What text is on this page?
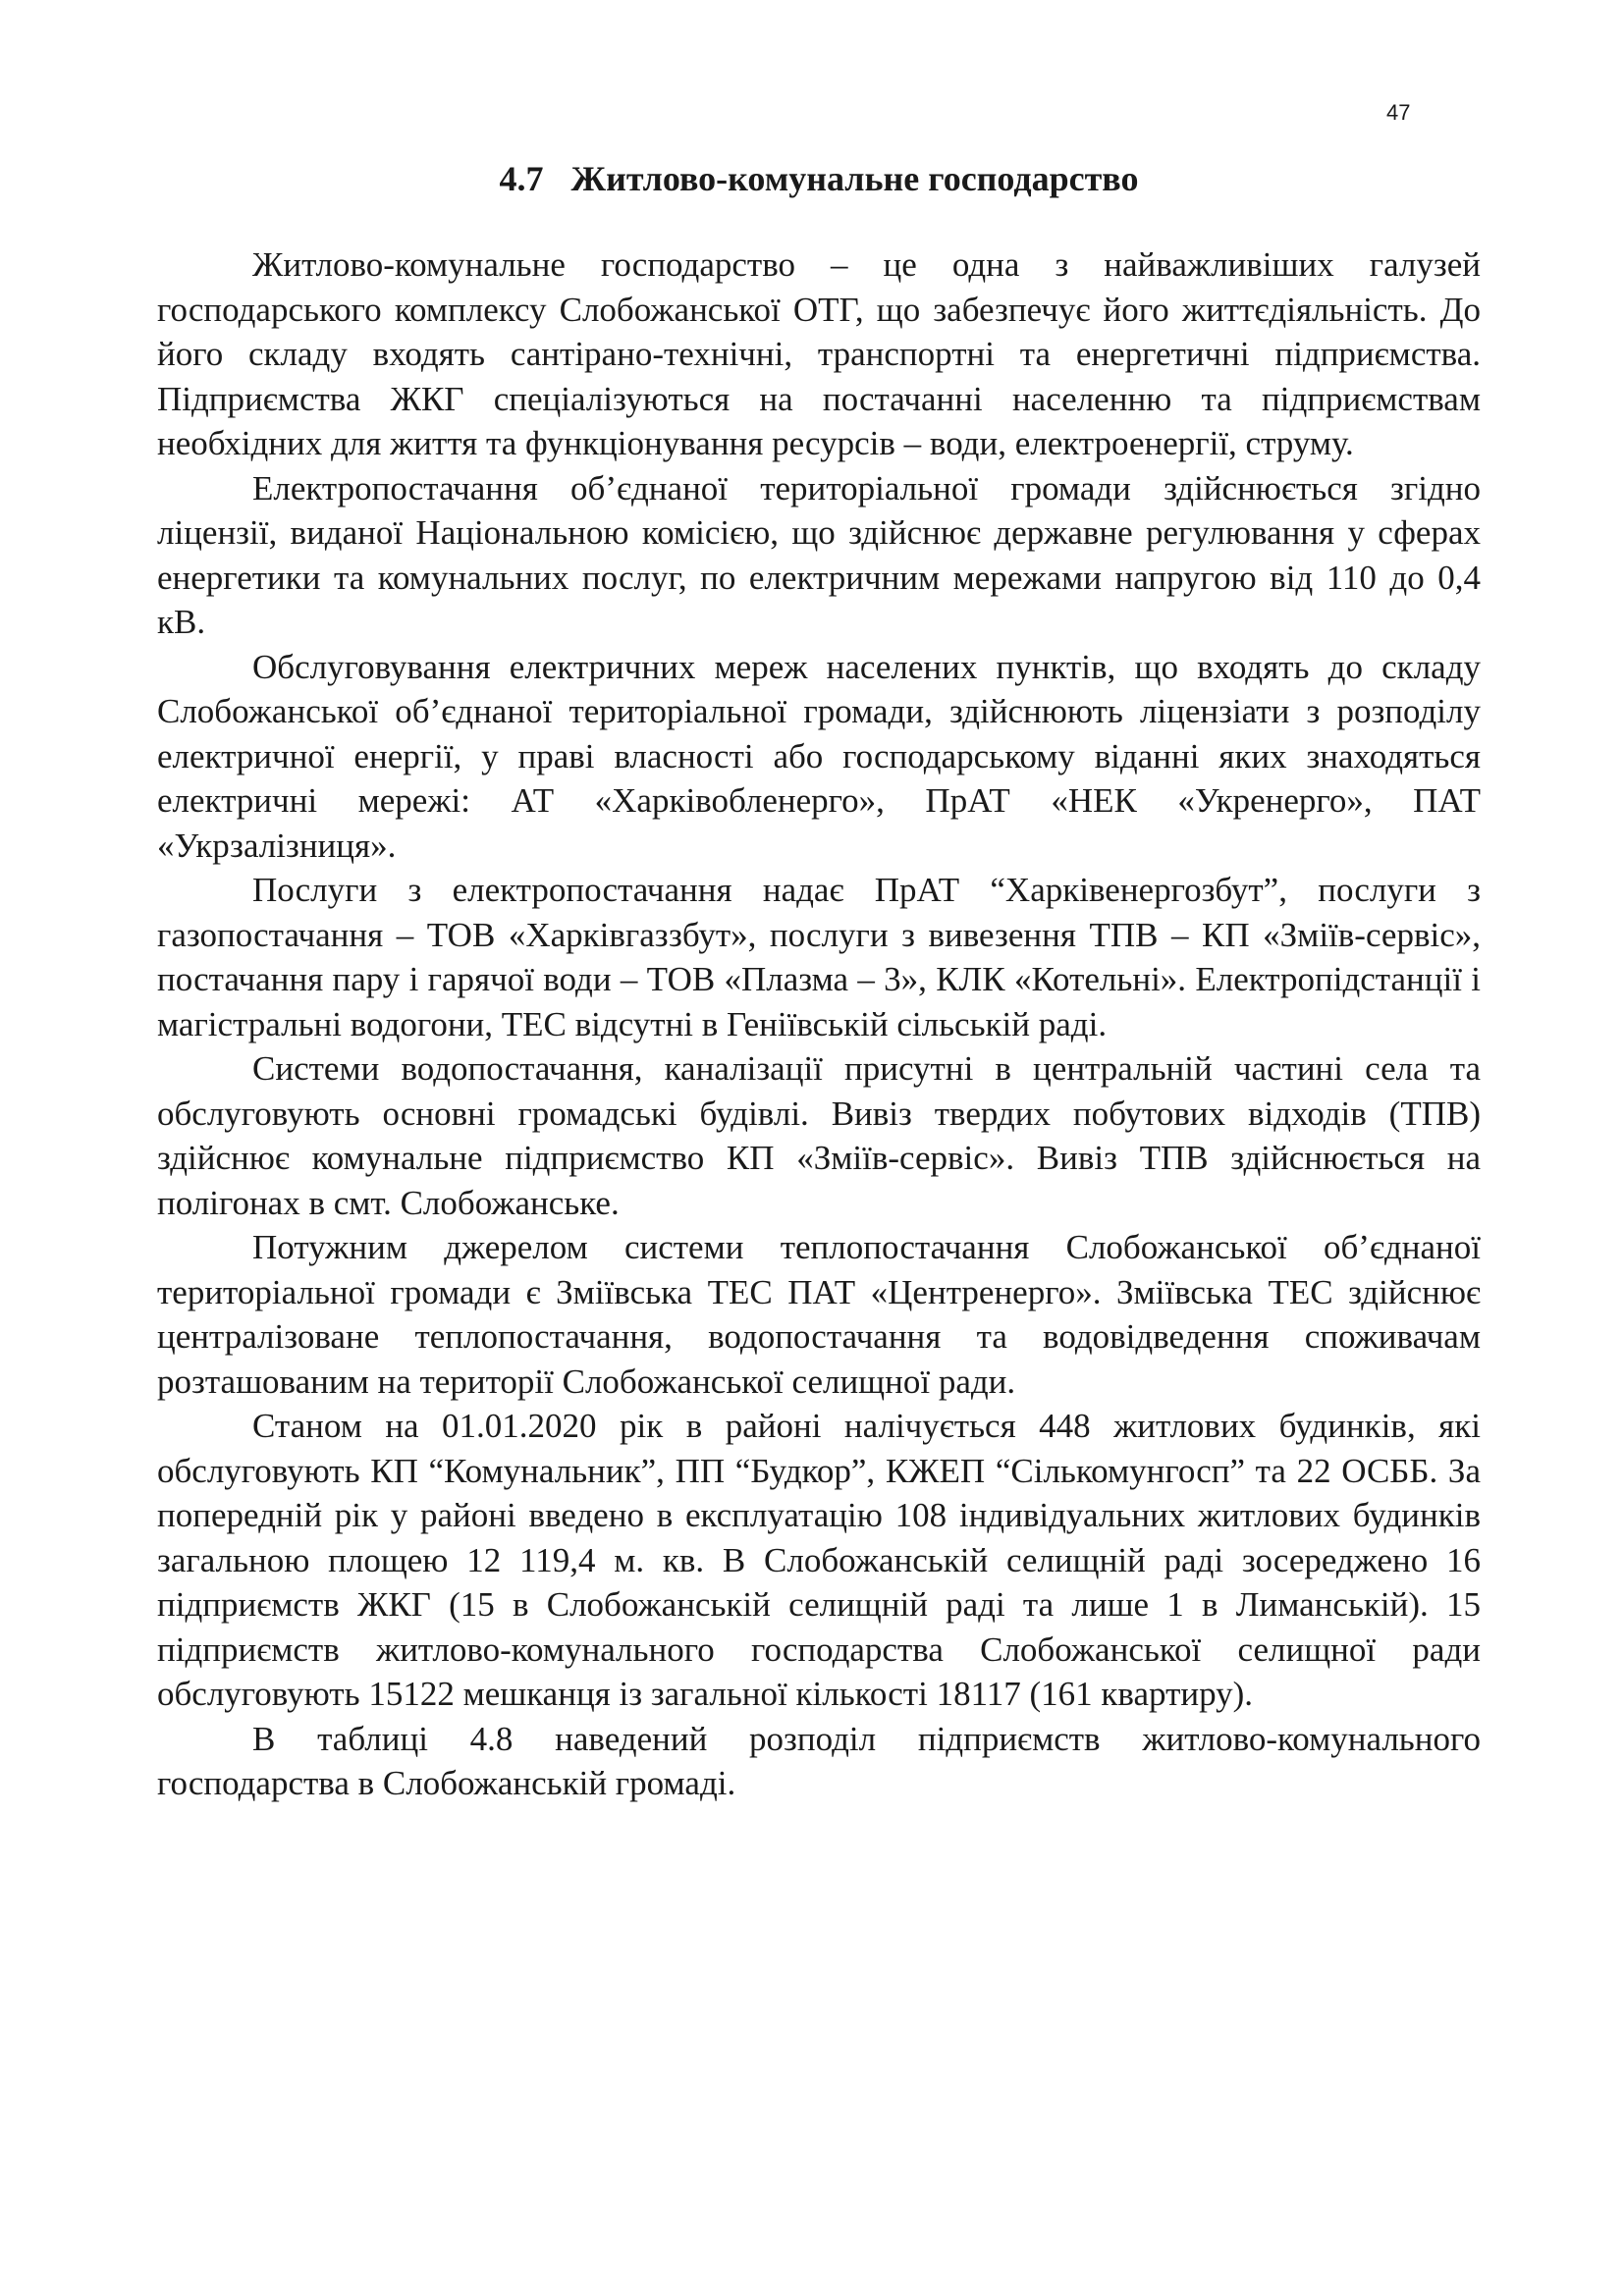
47
4.7 Житлово-комунальне господарство

Житлово-комунальне господарство – це одна з найважливіших галузей господарського комплексу Слобожанської ОТГ, що забезпечує його життєдіяльність. До його складу входять сантірано-технічні, транспортні та енергетичні підприємства. Підприємства ЖКГ спеціалізуються на постачанні населенню та підприємствам необхідних для життя та функціонування ресурсів – води, електроенергії, струму.

Електропостачання об’єднаної територіальної громади здійснюється згідно ліцензії, виданої Національною комісією, що здійснює державне регулювання у сферах енергетики та комунальних послуг, по електричним мережами напругою від 110 до 0,4 кВ.

Обслуговування електричних мереж населених пунктів, що входять до складу Слобожанської об’єднаної територіальної громади, здійснюють ліцензіати з розподілу електричної енергії, у праві власності або господарському віданні яких знаходяться електричні мережі: АТ «Харківобленерго», ПрАТ «НЕК «Укренерго», ПАТ «Укрзалізниця».

Послуги з електропостачання надає ПрАТ “Харківенергозбут”, послуги з газопостачання – ТОВ «Харківгаззбут», послуги з вивезення ТПВ – КП «Зміїв-сервіс», постачання пару і гарячої води – ТОВ «Плазма – 3», КЛК «Котельні». Електропідстанції і магістральні водогони, ТЕС відсутні в Геніївській сільській раді.

Системи водопостачання, каналізації присутні в центральній частині села та обслуговують основні громадські будівлі. Вивіз твердих побутових відходів (ТПВ) здійснює комунальне підприємство КП «Зміїв-сервіс». Вивіз ТПВ здійснюється на полігонах в смт. Слобожанське.

Потужним джерелом системи теплопостачання Слобожанської об’єднаної територіальної громади є Зміївська ТЕС ПАТ «Центренерго». Зміївська ТЕС здійснює централізоване теплопостачання, водопостачання та водовідведення споживачам розташованим на території Слобожанської селищної ради.

Станом на 01.01.2020 рік в районі налічується 448 житлових будинків, які обслуговують КП “Комунальник”, ПП “Будкор”, КЖЕП “Сількомунгосп” та 22 ОСББ. За попередній рік у районі введено в експлуатацію 108 індивідуальних житлових будинків загальною площею 12 119,4 м. кв. В Слобожанській селищній раді зосереджено 16 підприємств ЖКГ (15 в Слобожанській селищній раді та лише 1 в Лиманській). 15 підприємств житлово-комунального господарства Слобожанської селищної ради обслуговують 15122 мешканця із загальної кількості 18117 (161 квартиру).

В таблиці 4.8 наведений розподіл підприємств житлово-комунального господарства в Слобожанській громаді.
